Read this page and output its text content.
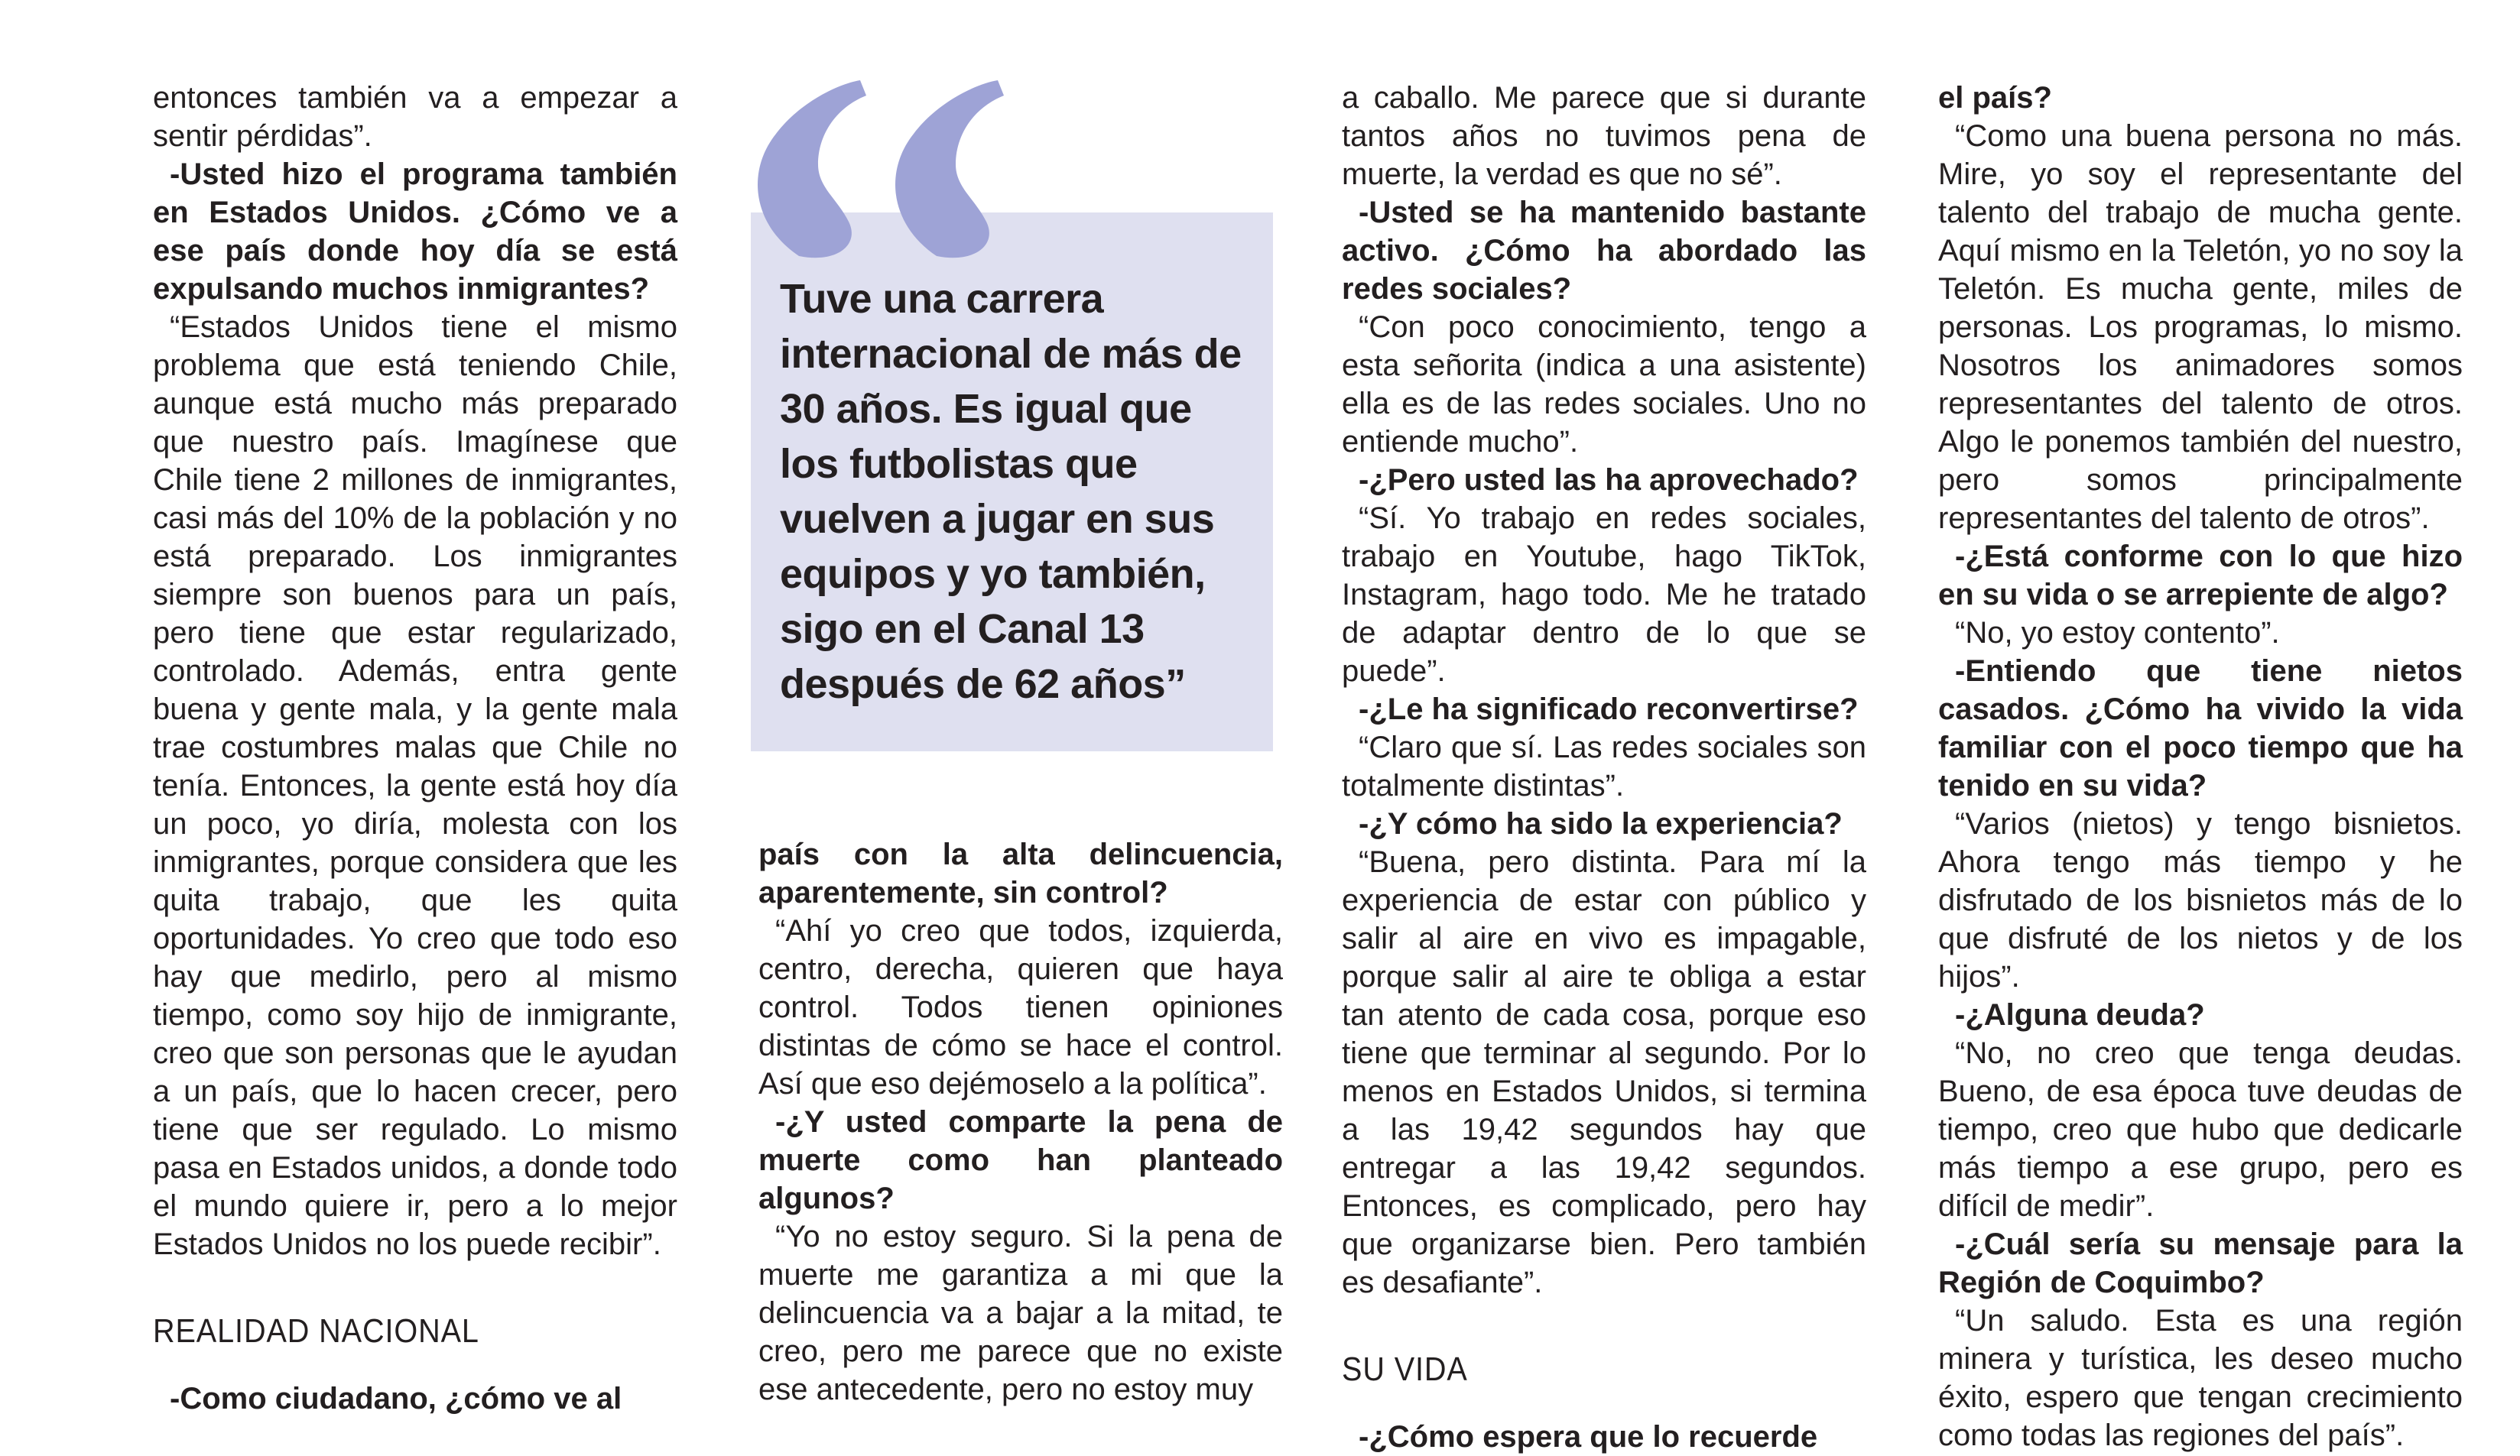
entonces también va a empezar a sentir pérdidas”.

-Usted hizo el programa también en Estados Unidos. ¿Cómo ve a ese país donde hoy día se está expulsando muchos inmigrantes?

“Estados Unidos tiene el mismo problema que está teniendo Chile, aunque está mucho más preparado que nuestro país. Imagínese que Chile tiene 2 millones de inmigrantes, casi más del 10% de la población y no está preparado. Los inmigrantes siempre son buenos para un país, pero tiene que estar regularizado, controlado. Además, entra gente buena y gente mala, y la gente mala trae costumbres malas que Chile no tenía. Entonces, la gente está hoy día un poco, yo diría, molesta con los inmigrantes, porque considera que les quita trabajo, que les quita oportunidades. Yo creo que todo eso hay que medirlo, pero al mismo tiempo, como soy hijo de inmigrante, creo que son personas que le ayudan a un país, que lo hacen crecer, pero tiene que ser regulado. Lo mismo pasa en Estados unidos, a donde todo el mundo quiere ir, pero a lo mejor Estados Unidos no los puede recibir”.

REALIDAD NACIONAL

-Como ciudadano, ¿cómo ve al

Tuve una carrera internacional de más de 30 años. Es igual que los futbolistas que vuelven a jugar en sus equipos y yo también, sigo en el Canal 13 después de 62 años”

país con la alta delincuencia, aparentemente, sin control?

“Ahí yo creo que todos, izquierda, centro, derecha, quieren que haya control. Todos tienen opiniones distintas de cómo se hace el control. Así que eso dejémoselo a la política”.

-¿Y usted comparte la pena de muerte como han planteado algunos?

“Yo no estoy seguro. Si la pena de muerte me garantiza a mi que la delincuencia va a bajar a la mitad, te creo, pero me parece que no existe ese antecedente, pero no estoy muy

a caballo. Me parece que si durante tantos años no tuvimos pena de muerte, la verdad es que no sé”.

-Usted se ha mantenido bastante activo. ¿Cómo ha abordado las redes sociales?

“Con poco conocimiento, tengo a esta señorita (indica a una asistente) ella es de las redes sociales. Uno no entiende mucho”.

-¿Pero usted las ha aprovechado?

“Sí. Yo trabajo en redes sociales, trabajo en Youtube, hago TikTok, Instagram, hago todo. Me he tratado de adaptar dentro de lo que se puede”.

-¿Le ha significado reconvertirse?

“Claro que sí. Las redes sociales son totalmente distintas”.

-¿Y cómo ha sido la experiencia?

“Buena, pero distinta. Para mí la experiencia de estar con público y salir al aire en vivo es impagable, porque salir al aire te obliga a estar tan atento de cada cosa, porque eso tiene que terminar al segundo. Por lo menos en Estados Unidos, si termina a las 19,42 segundos hay que entregar a las 19,42 segundos. Entonces, es complicado, pero hay que organizarse bien. Pero también es desafiante”.

SU VIDA

-¿Cómo espera que lo recuerde

el país?

“Como una buena persona no más. Mire, yo soy el representante del talento del trabajo de mucha gente. Aquí mismo en la Teletón, yo no soy la Teletón. Es mucha gente, miles de personas. Los programas, lo mismo. Nosotros los animadores somos representantes del talento de otros. Algo le ponemos también del nuestro, pero somos principalmente representantes del talento de otros”.

-¿Está conforme con lo que hizo en su vida o se arrepiente de algo?

“No, yo estoy contento”.

-Entiendo que tiene nietos casados. ¿Cómo ha vivido la vida familiar con el poco tiempo que ha tenido en su vida?

“Varios (nietos) y tengo bisnietos. Ahora tengo más tiempo y he disfrutado de los bisnietos más de lo que disfruté de los nietos y de los hijos”.

-¿Alguna deuda?

“No, no creo que tenga deudas. Bueno, de esa época tuve deudas de tiempo, creo que hubo que dedicarle más tiempo a ese grupo, pero es difícil de medir”.

-¿Cuál sería su mensaje para la Región de Coquimbo?

“Un saludo. Esta es una región minera y turística, les deseo mucho éxito, espero que tengan crecimiento como todas las regiones del país”.
